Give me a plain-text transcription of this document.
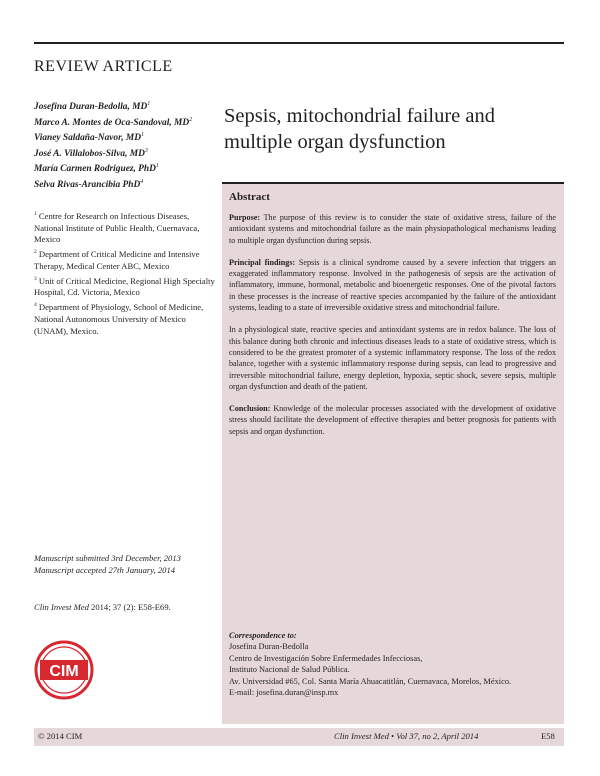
REVIEW ARTICLE
Josefina Duran-Bedolla, $MD^1$
Marco A. Montes de Oca-Sandoval, $MD^2$
Vianey Saldaña-Navor, $MD^1$
José A. Villalobos-Silva, $MD^3$
María Carmen Rodriguez, PhD$^1$
Selva Rivas-Arancibia PhD$^4$
$^1$ Centre for Research on Infectious Diseases, National Institute of Public Health, Cuernavaca, Mexico
$^2$ Department of Critical Medicine and Intensive Therapy, Medical Center ABC, Mexico
$^3$ Unit of Critical Medicine, Regional High Specialty Hospital, Cd. Victoria, Mexico
$^4$ Department of Physiology, School of Medicine, National Autonomous University of Mexico (UNAM), Mexico.
Sepsis, mitochondrial failure and
multiple organ dysfunction
Abstract

Purpose: The purpose of this review is to consider the state of oxidative stress, failure of the antioxidant systems and mitochondrial failure as the main physiopathological mechanisms leading to multiple organ dysfunction during sepsis.

Principal findings: Sepsis is a clinical syndrome caused by a severe infection that triggers an exaggerated inflammatory response. Involved in the pathogenesis of sepsis are the activation of inflammatory, immune, hormonal, metabolic and bioenergetic responses. One of the pivotal factors in these processes is the increase of reactive species accompanied by the failure of the antioxidant systems, leading to a state of irreversible oxidative stress and mitochondrial failure.

In a physiological state, reactive species and antioxidant systems are in redox balance. The loss of this balance during both chronic and infectious diseases leads to a state of oxidative stress, which is considered to be the greatest promoter of a systemic inflammatory response. The loss of the redox balance, together with a systemic inflammatory response during sepsis, can lead to progressive and irreversible mitochondrial failure, energy depletion, hypoxia, septic shock, severe sepsis, multiple organ dysfunction and death of the patient.

Conclusion: Knowledge of the molecular processes associated with the development of oxidative stress should facilitate the development of effective therapies and better prognosis for patients with sepsis and organ dysfunction.

Correspondence to:
Josefina Duran-Bedolla
Centro de Investigación Sobre Enfermedades Infecciosas,
Instituto Nacional de Salud Pública.
Av. Universidad #65, Col. Santa María Ahuacatitlán, Cuernavaca, Morelos, México.
E-mail: josefina.duran@insp.mx
Manuscript submitted 3rd December, 2013
Manuscript accepted 27th January, 2014
Clin Invest Med 2014; 37 (2): E58-E69.
CIM
© 2014 CIM	Clin Invest Med • Vol 37, no 2, April 2014	E58
